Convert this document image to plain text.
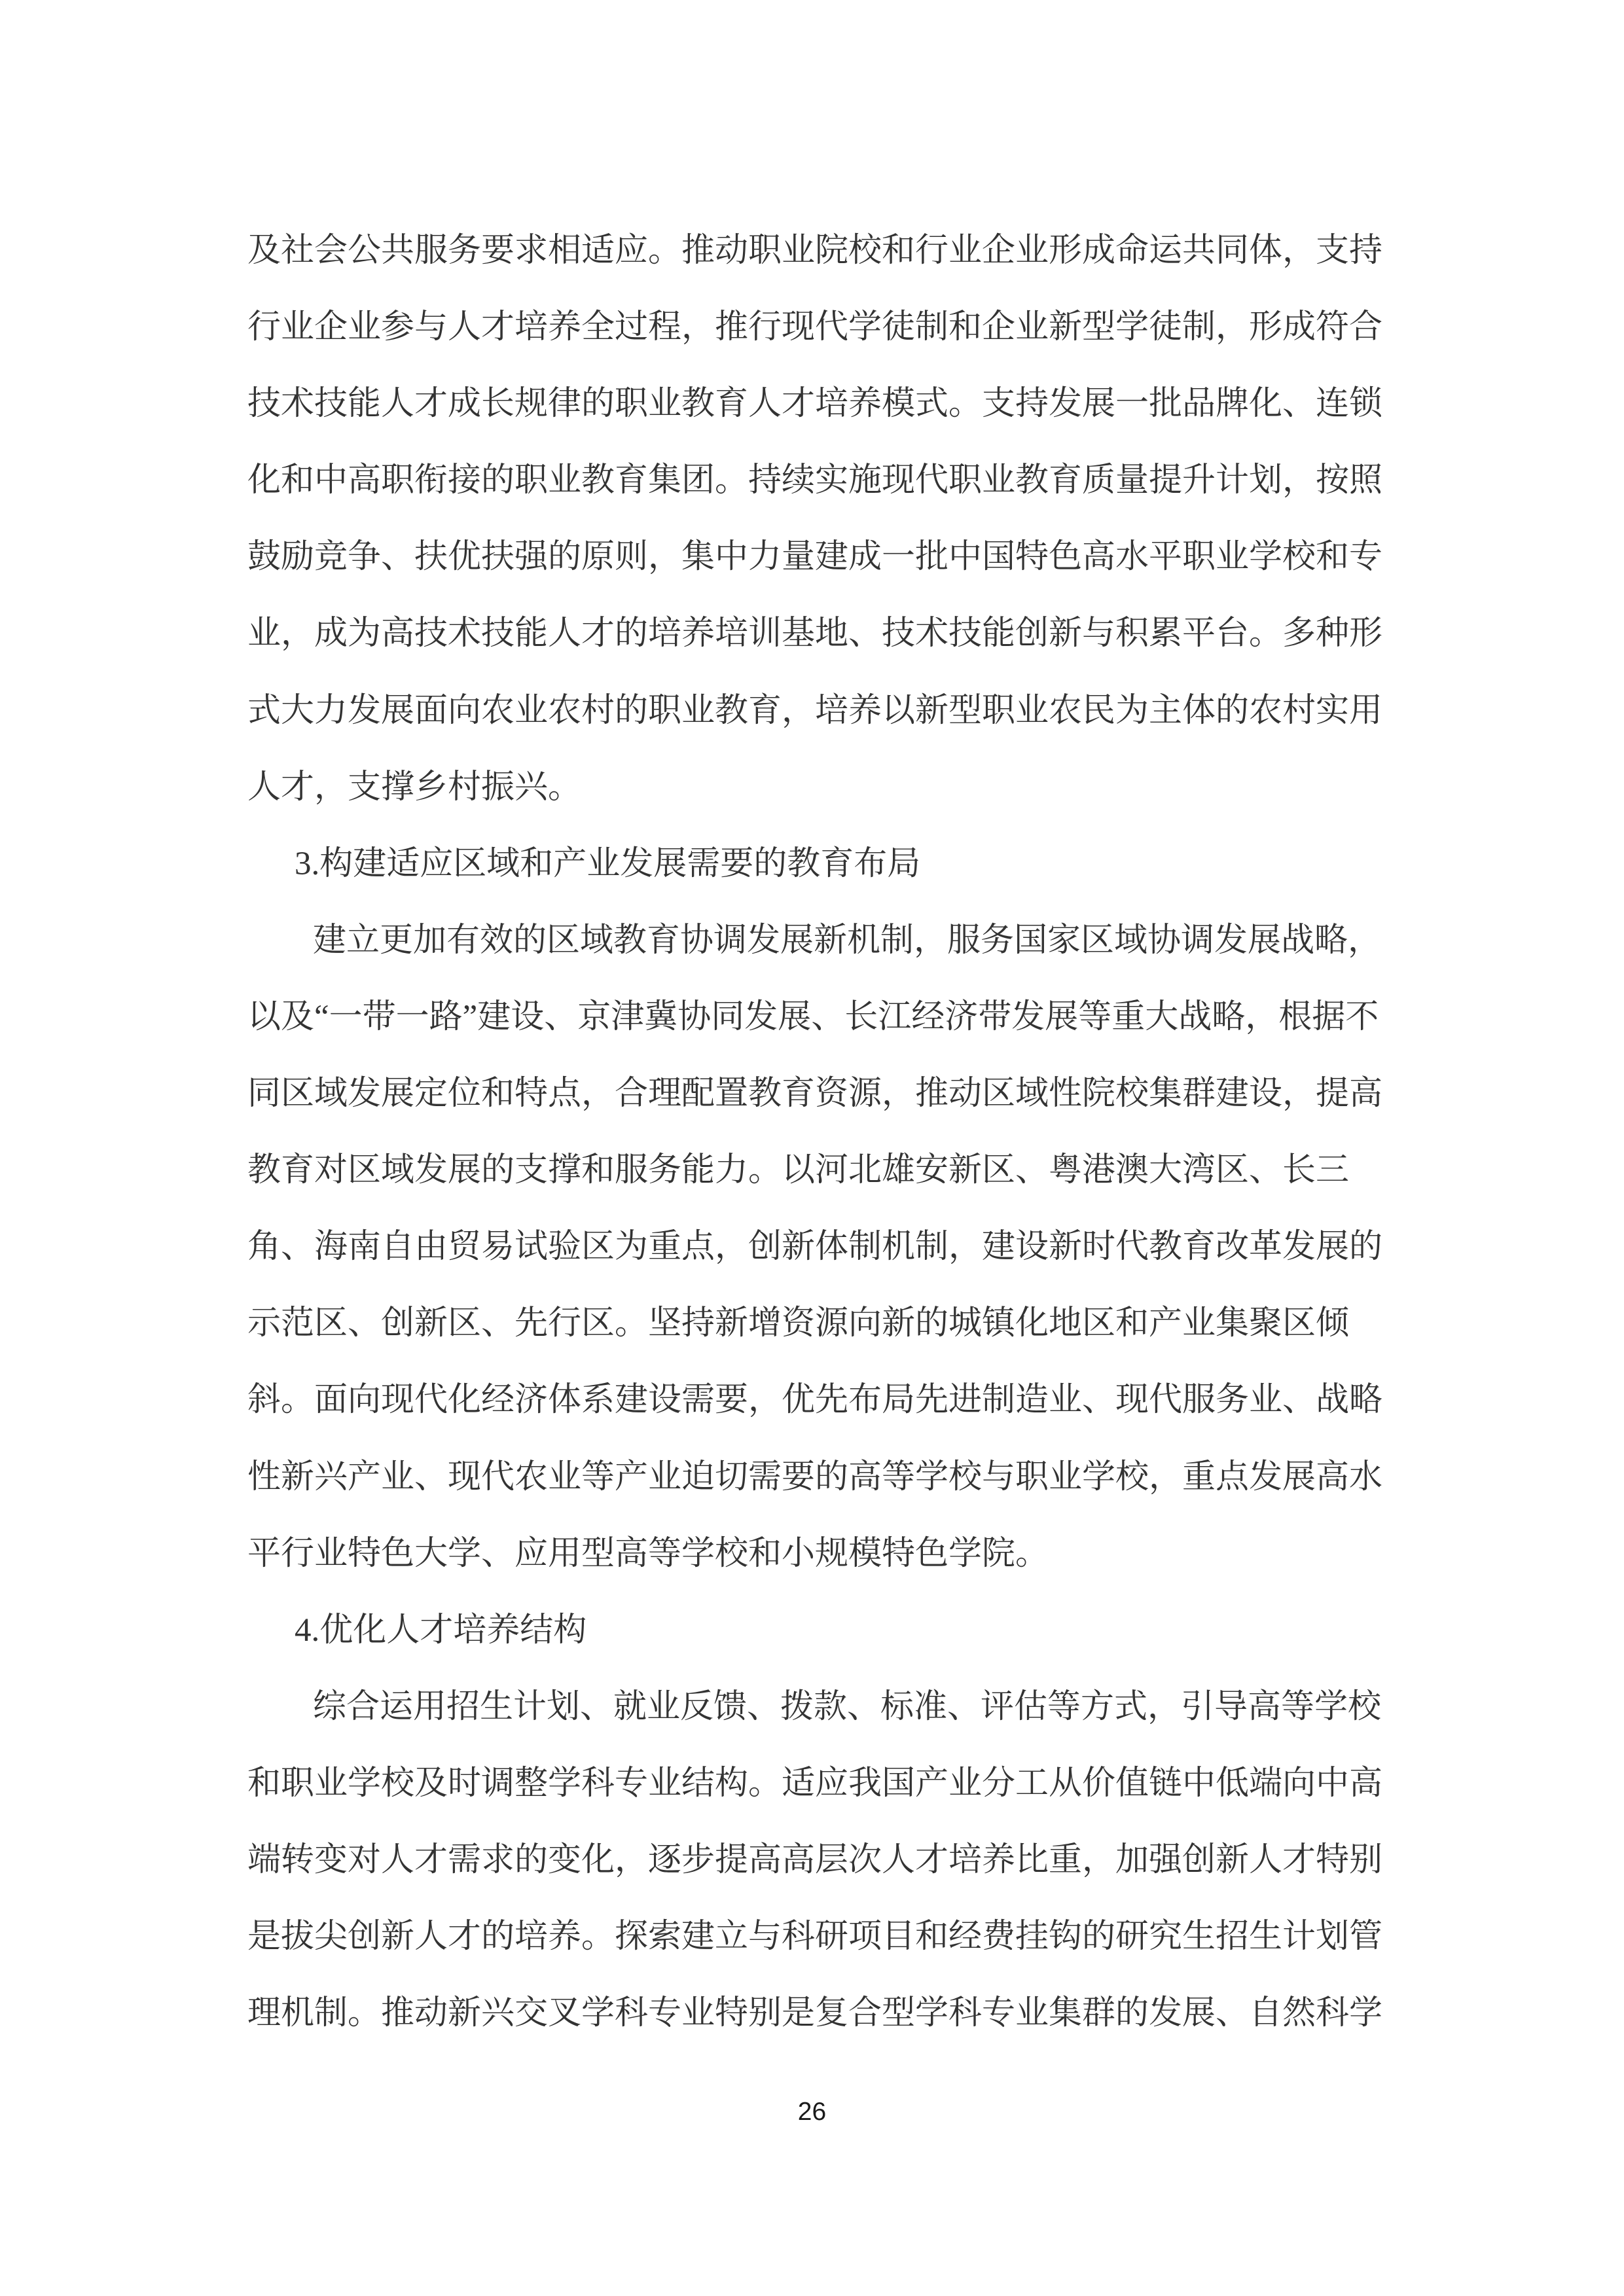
及社会公共服务要求相适应。推动职业院校和行业企业形成命运共同体，支持
行业企业参与人才培养全过程，推行现代学徒制和企业新型学徒制，形成符合
技术技能人才成长规律的职业教育人才培养模式。支持发展一批品牌化、连锁
化和中高职衔接的职业教育集团。持续实施现代职业教育质量提升计划，按照
鼓励竞争、扶优扶强的原则，集中力量建成一批中国特色高水平职业学校和专
业，成为高技术技能人才的培养培训基地、技术技能创新与积累平台。多种形
式大力发展面向农业农村的职业教育，培养以新型职业农民为主体的农村实用
人才，支撑乡村振兴。
3.构建适应区域和产业发展需要的教育布局
建立更加有效的区域教育协调发展新机制，服务国家区域协调发展战略，
以及“一带一路”建设、京津冀协同发展、长江经济带发展等重大战略，根据不
同区域发展定位和特点，合理配置教育资源，推动区域性院校集群建设，提高
教育对区域发展的支撑和服务能力。以河北雄安新区、粤港澳大湾区、长三
角、海南自由贸易试验区为重点，创新体制机制，建设新时代教育改革发展的
示范区、创新区、先行区。坚持新增资源向新的城镇化地区和产业集聚区倾
斜。面向现代化经济体系建设需要，优先布局先进制造业、现代服务业、战略
性新兴产业、现代农业等产业迫切需要的高等学校与职业学校，重点发展高水
平行业特色大学、应用型高等学校和小规模特色学院。
4.优化人才培养结构
综合运用招生计划、就业反馈、拨款、标准、评估等方式，引导高等学校
和职业学校及时调整学科专业结构。适应我国产业分工从价值链中低端向中高
端转变对人才需求的变化，逐步提高高层次人才培养比重，加强创新人才特别
是拔尖创新人才的培养。探索建立与科研项目和经费挂钩的研究生招生计划管
理机制。推动新兴交叉学科专业特别是复合型学科专业集群的发展、自然科学
26
